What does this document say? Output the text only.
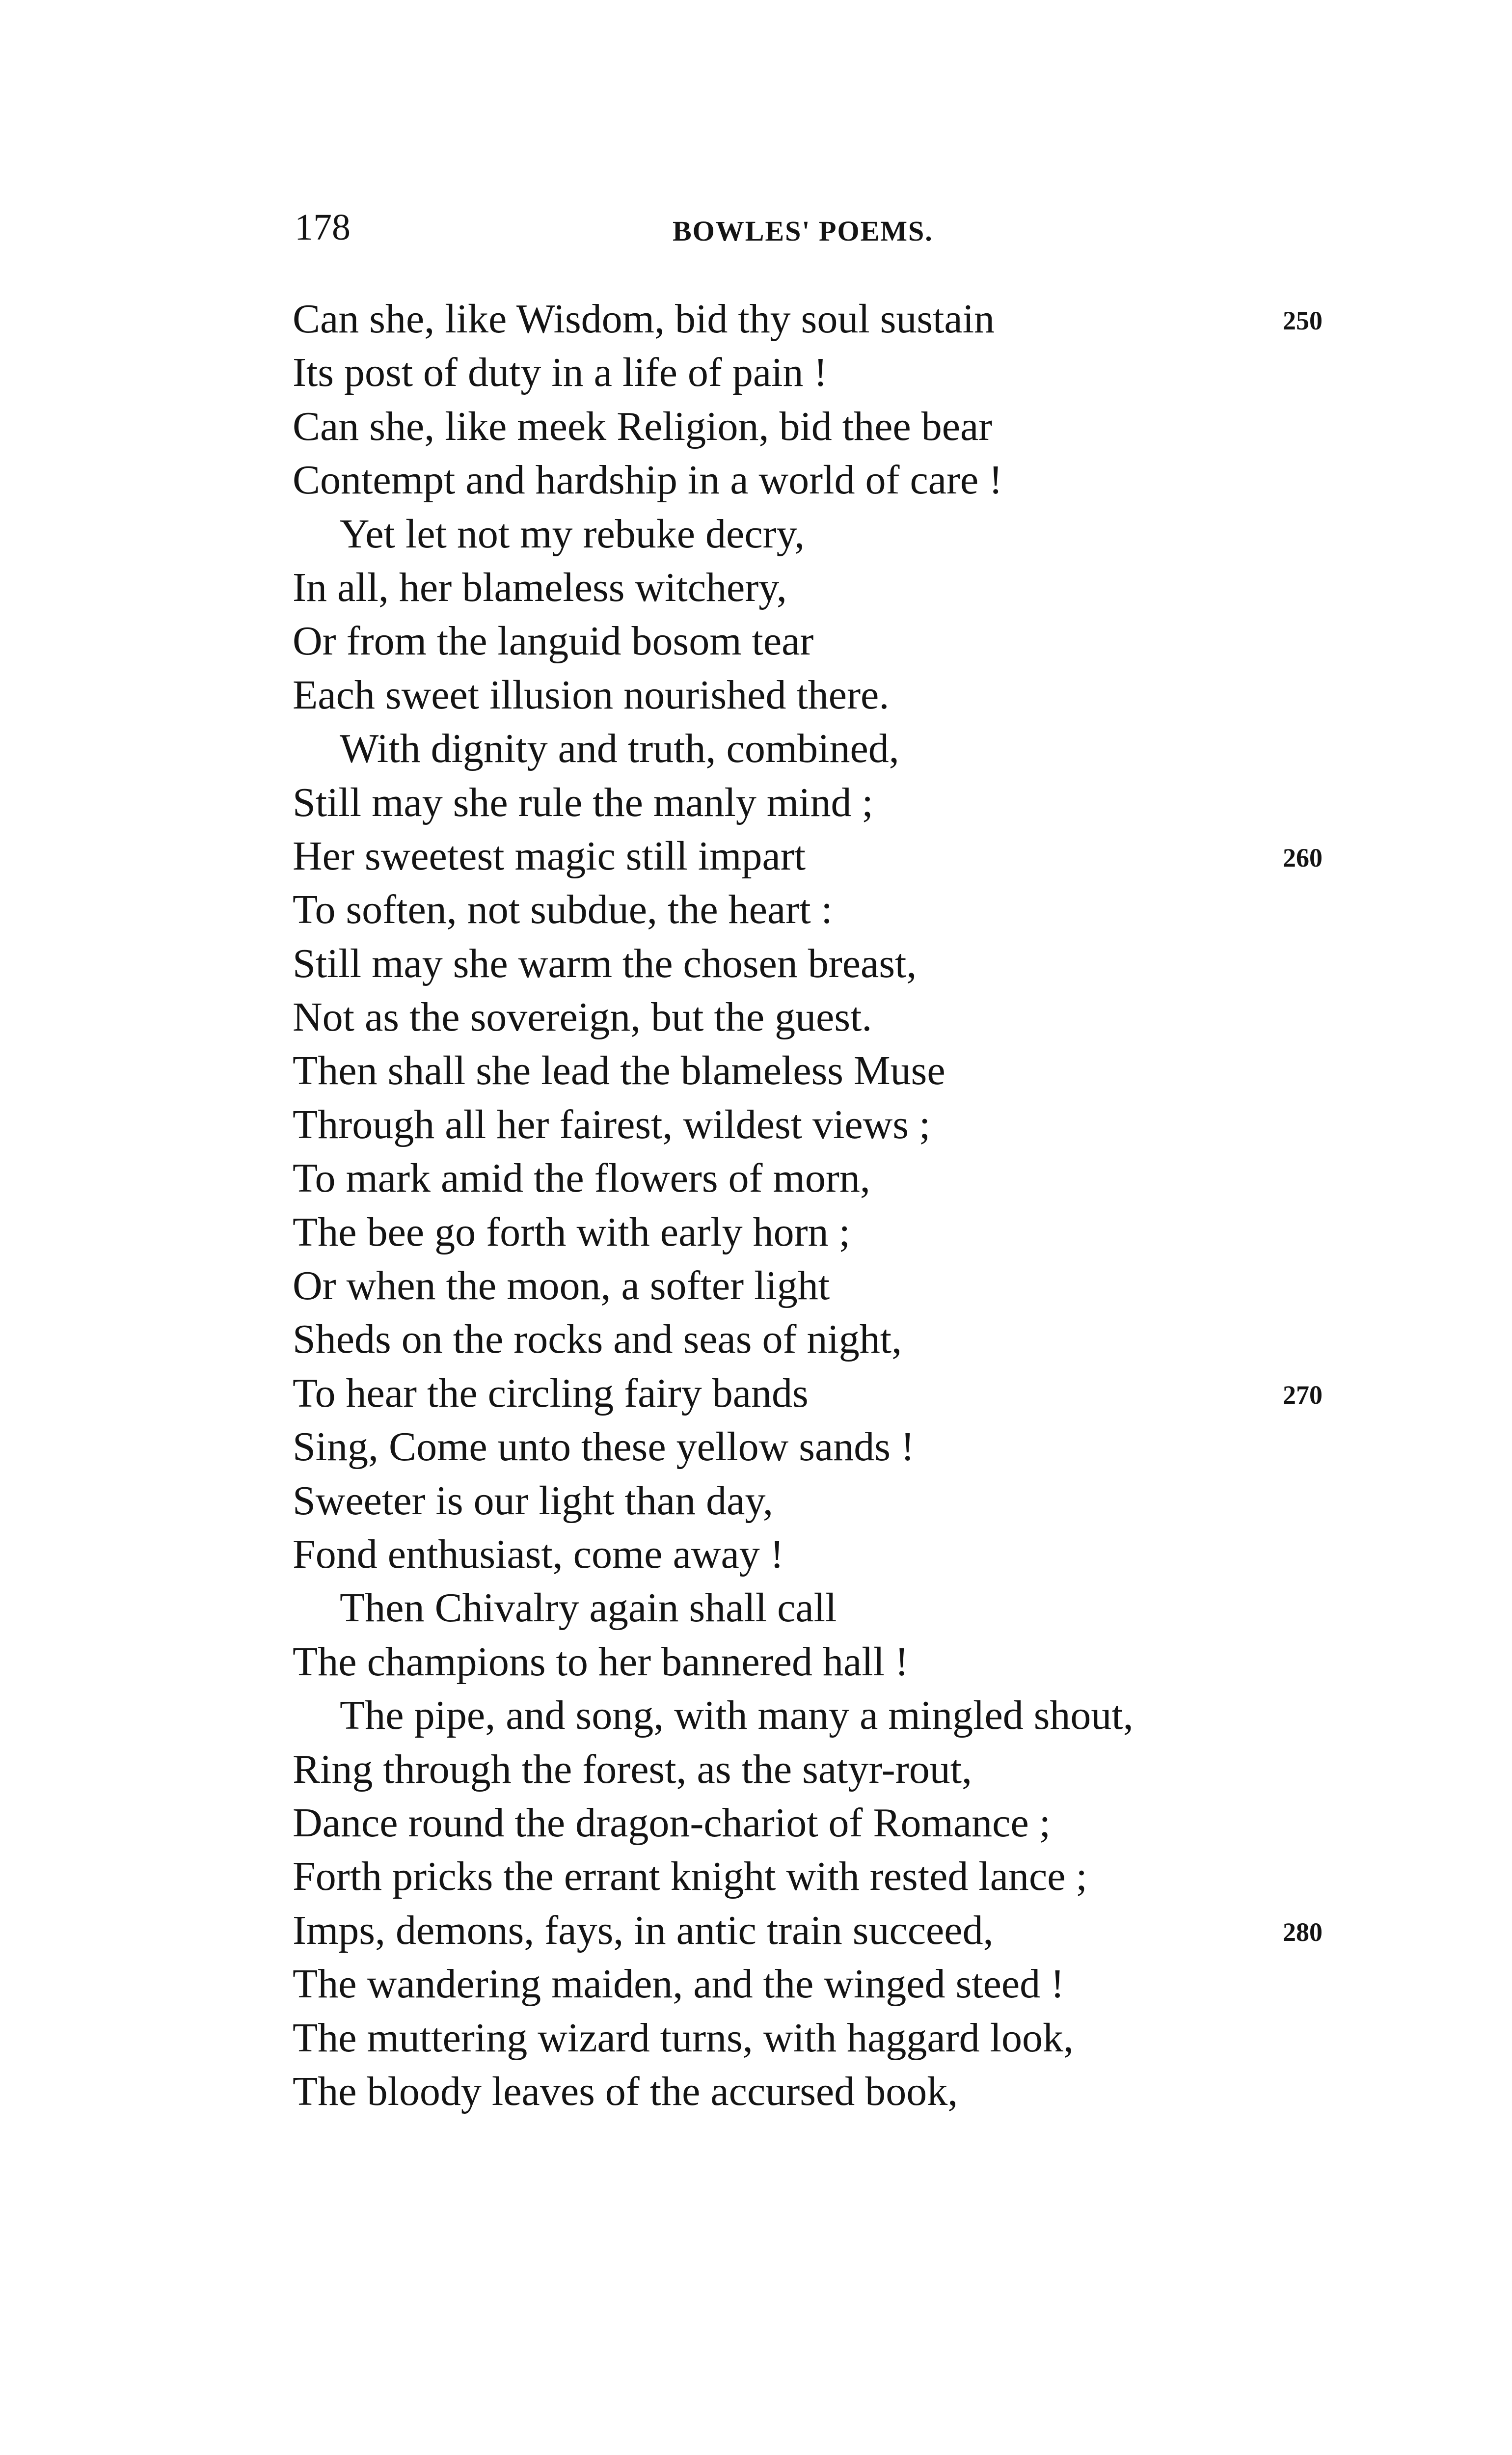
178	BOWLES' POEMS.
Can she, like Wisdom, bid thy soul sustain	250
Its post of duty in a life of pain !
Can she, like meek Religion, bid thee bear
Contempt and hardship in a world of care !
Yet let not my rebuke decry,
In all, her blameless witchery,
Or from the languid bosom tear
Each sweet illusion nourished there.
With dignity and truth, combined,
Still may she rule the manly mind ;
Her sweetest magic still impart	260
To soften, not subdue, the heart :
Still may she warm the chosen breast,
Not as the sovereign, but the guest.
Then shall she lead the blameless Muse
Through all her fairest, wildest views ;
To mark amid the flowers of morn,
The bee go forth with early horn ;
Or when the moon, a softer light
Sheds on the rocks and seas of night,
To hear the circling fairy bands	270
Sing, Come unto these yellow sands !
Sweeter is our light than day,
Fond enthusiast, come away !
Then Chivalry again shall call
The champions to her bannered hall !
The pipe, and song, with many a mingled shout,
Ring through the forest, as the satyr-rout,
Dance round the dragon-chariot of Romance ;
Forth pricks the errant knight with rested lance ;
Imps, demons, fays, in antic train succeed,	280
The wandering maiden, and the winged steed !
The muttering wizard turns, with haggard look,
The bloody leaves of the accursed book,
